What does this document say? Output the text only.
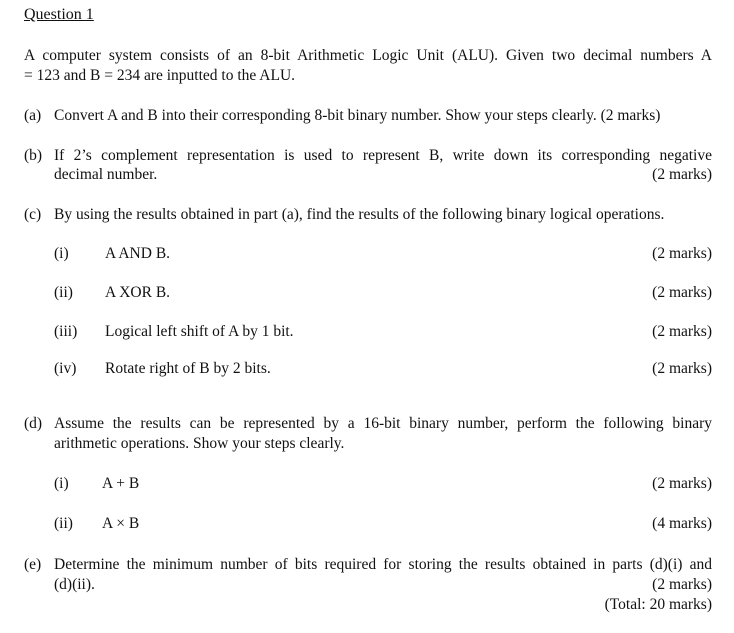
Question 1
A computer system consists of an 8-bit Arithmetic Logic Unit (ALU). Given two decimal numbers A
= 123 and B = 234 are inputted to the ALU.
(a) Convert A and B into their corresponding 8-bit binary number. Show your steps clearly. (2 marks)
(b) If 2’s complement representation is used to represent B, write down its corresponding negative
decimal number.	(2 marks)
(c) By using the results obtained in part (a), find the results of the following binary logical operations.
(i) A AND B.	(2 marks)
(ii) A XOR B.	(2 marks)
(iii) Logical left shift of A by 1 bit.	(2 marks)
(iv) Rotate right of B by 2 bits.	(2 marks)
(d) Assume the results can be represented by a 16-bit binary number, perform the following binary
arithmetic operations. Show your steps clearly.
(i) A + B	(2 marks)
(ii) A × B	(4 marks)
(e) Determine the minimum number of bits required for storing the results obtained in parts (d)(i) and
(d)(ii).	(2 marks)
(Total: 20 marks)
